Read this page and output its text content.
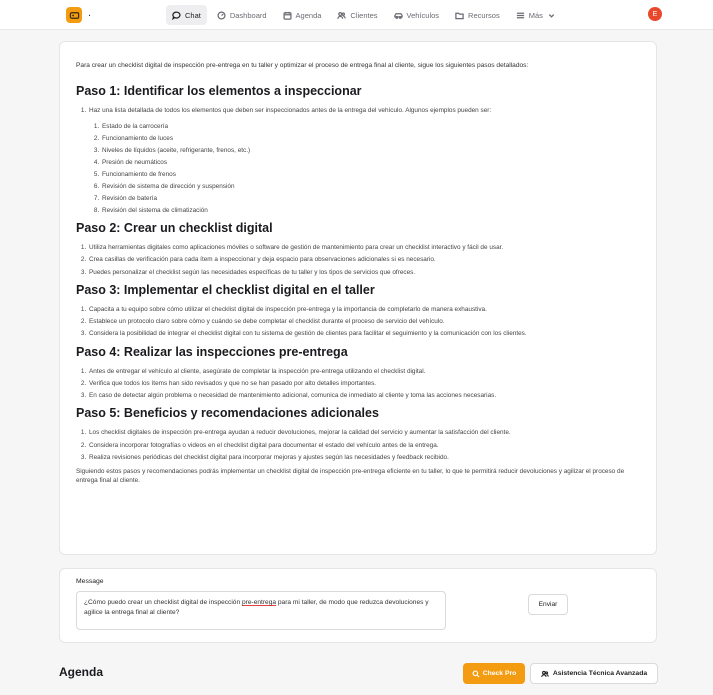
.	Chat	Dashboard	Agenda	Clientes	Vehículos	Recursos	Más	E

Para crear un checklist digital de inspección pre-entrega en tu taller y optimizar el proceso de entrega final al cliente, sigue los siguientes pasos detallados:

Paso 1: Identificar los elementos a inspeccionar
1. Haz una lista detallada de todos los elementos que deben ser inspeccionados antes de la entrega del vehículo. Algunos ejemplos pueden ser:
1. Estado de la carrocería
2. Funcionamiento de luces
3. Niveles de líquidos (aceite, refrigerante, frenos, etc.)
4. Presión de neumáticos
5. Funcionamiento de frenos
6. Revisión de sistema de dirección y suspensión
7. Revisión de batería
8. Revisión del sistema de climatización
Paso 2: Crear un checklist digital
1. Utiliza herramientas digitales como aplicaciones móviles o software de gestión de mantenimiento para crear un checklist interactivo y fácil de usar.
2. Crea casillas de verificación para cada ítem a inspeccionar y deja espacio para observaciones adicionales si es necesario.
3. Puedes personalizar el checklist según las necesidades específicas de tu taller y los tipos de servicios que ofreces.
Paso 3: Implementar el checklist digital en el taller
1. Capacita a tu equipo sobre cómo utilizar el checklist digital de inspección pre-entrega y la importancia de completarlo de manera exhaustiva.
2. Establece un protocolo claro sobre cómo y cuándo se debe completar el checklist durante el proceso de servicio del vehículo.
3. Considera la posibilidad de integrar el checklist digital con tu sistema de gestión de clientes para facilitar el seguimiento y la comunicación con los clientes.
Paso 4: Realizar las inspecciones pre-entrega
1. Antes de entregar el vehículo al cliente, asegúrate de completar la inspección pre-entrega utilizando el checklist digital.
2. Verifica que todos los ítems han sido revisados y que no se han pasado por alto detalles importantes.
3. En caso de detectar algún problema o necesidad de mantenimiento adicional, comunica de inmediato al cliente y toma las acciones necesarias.
Paso 5: Beneficios y recomendaciones adicionales
1. Los checklist digitales de inspección pre-entrega ayudan a reducir devoluciones, mejorar la calidad del servicio y aumentar la satisfacción del cliente.
2. Considera incorporar fotografías o videos en el checklist digital para documentar el estado del vehículo antes de la entrega.
3. Realiza revisiones periódicas del checklist digital para incorporar mejoras y ajustes según las necesidades y feedback recibido.

Siguiendo estos pasos y recomendaciones podrás implementar un checklist digital de inspección pre-entrega eficiente en tu taller, lo que te permitirá reducir devoluciones y agilizar el proceso de entrega final al cliente.

Message
¿Cómo puedo crear un checklist digital de inspección pre-entrega para mi taller, de modo que reduzca devoluciones y agilice la entrega final al cliente?
Enviar
Agenda	Check Pro	Asistencia Técnica Avanzada
